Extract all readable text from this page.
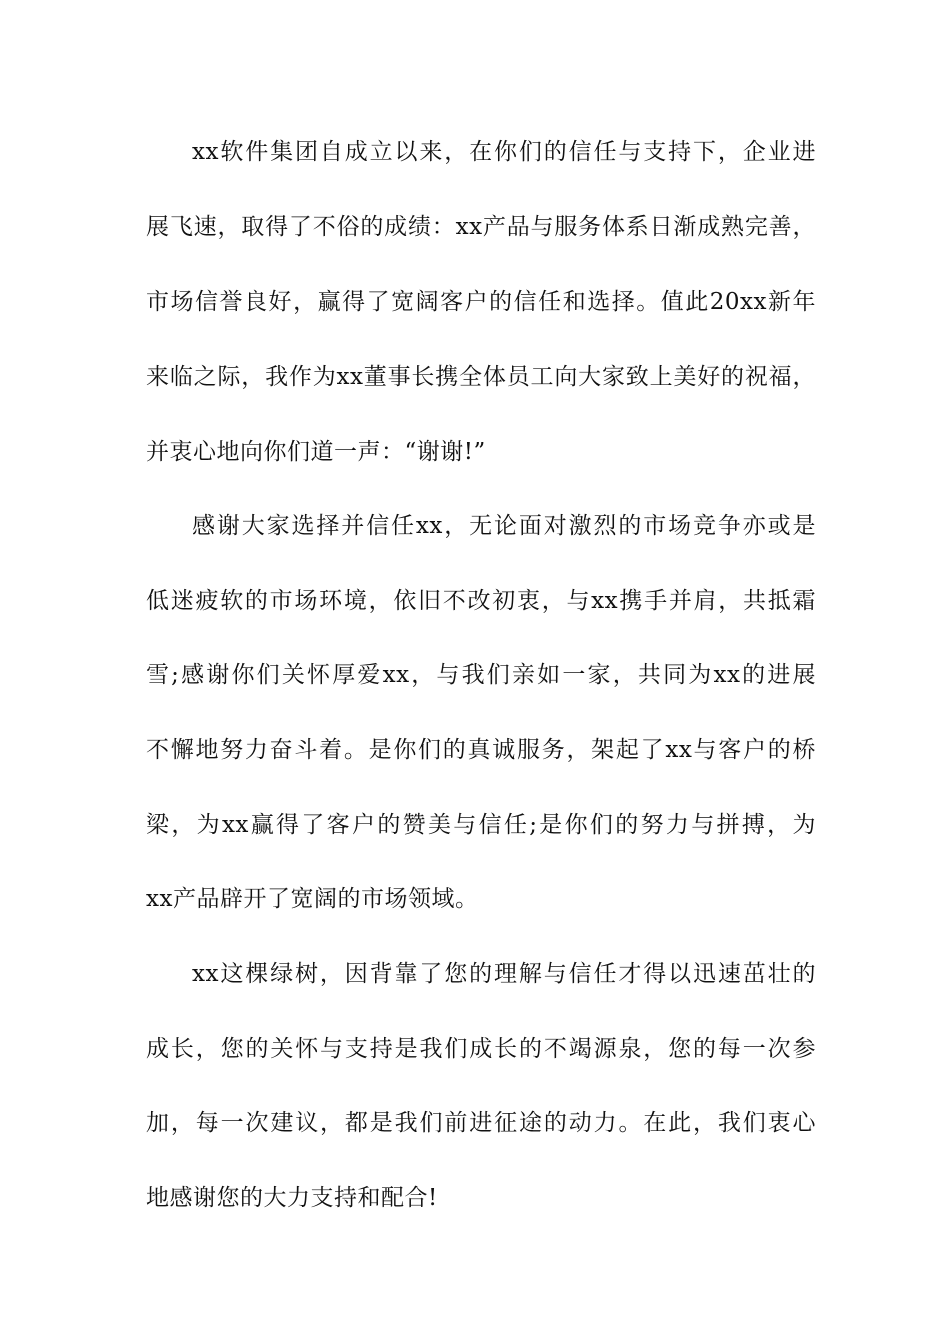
xx软件集团自成立以来，在你们的信任与支持下，企业进
展飞速，取得了不俗的成绩：xx产品与服务体系日渐成熟完善，
市场信誉良好，赢得了宽阔客户的信任和选择。值此20xx新年
来临之际，我作为xx董事长携全体员工向大家致上美好的祝福，
并衷心地向你们道一声：“谢谢!”
感谢大家选择并信任xx，无论面对激烈的市场竞争亦或是
低迷疲软的市场环境，依旧不改初衷，与xx携手并肩，共抵霜
雪;感谢你们关怀厚爱xx，与我们亲如一家，共同为xx的进展
不懈地努力奋斗着。是你们的真诚服务，架起了xx与客户的桥
梁，为xx赢得了客户的赞美与信任;是你们的努力与拼搏，为
xx产品辟开了宽阔的市场领域。
xx这棵绿树，因背靠了您的理解与信任才得以迅速茁壮的
成长，您的关怀与支持是我们成长的不竭源泉，您的每一次参
加，每一次建议，都是我们前进征途的动力。在此，我们衷心
地感谢您的大力支持和配合!
